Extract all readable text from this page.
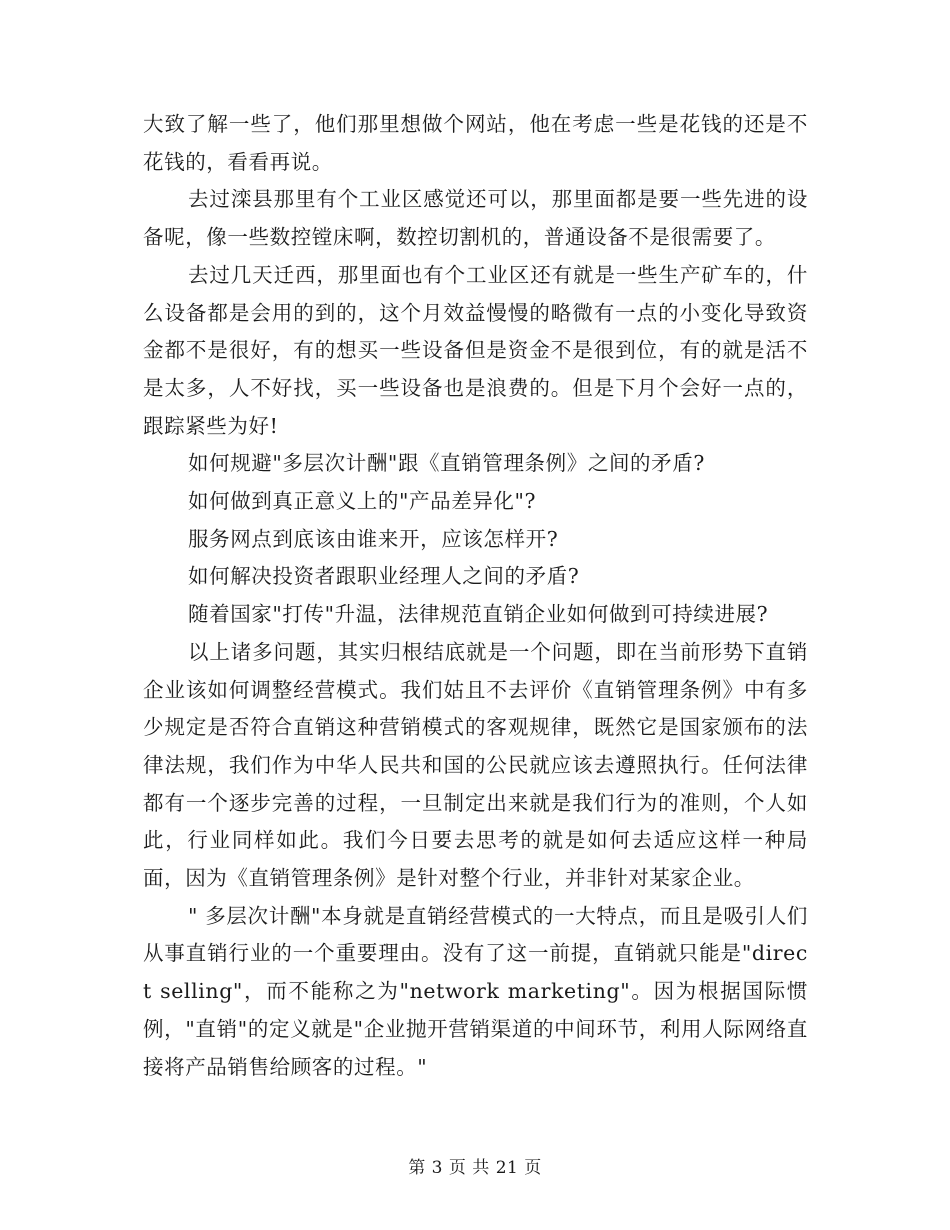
大致了解一些了，他们那里想做个网站，他在考虑一些是花钱的还是不花钱的，看看再说。

去过滦县那里有个工业区感觉还可以，那里面都是要一些先进的设备呢，像一些数控镗床啊，数控切割机的，普通设备不是很需要了。

去过几天迁西，那里面也有个工业区还有就是一些生产矿车的，什么设备都是会用的到的，这个月效益慢慢的略微有一点的小变化导致资金都不是很好，有的想买一些设备但是资金不是很到位，有的就是活不是太多，人不好找，买一些设备也是浪费的。但是下月个会好一点的，跟踪紧些为好!

如何规避"多层次计酬"跟《直销管理条例》之间的矛盾?

如何做到真正意义上的"产品差异化"?

服务网点到底该由谁来开，应该怎样开?

如何解决投资者跟职业经理人之间的矛盾?

随着国家"打传"升温，法律规范直销企业如何做到可持续进展?

以上诸多问题，其实归根结底就是一个问题，即在当前形势下直销企业该如何调整经营模式。我们姑且不去评价《直销管理条例》中有多少规定是否符合直销这种营销模式的客观规律，既然它是国家颁布的法律法规，我们作为中华人民共和国的公民就应该去遵照执行。任何法律都有一个逐步完善的过程，一旦制定出来就是我们行为的准则，个人如此，行业同样如此。我们今日要去思考的就是如何去适应这样一种局面，因为《直销管理条例》是针对整个行业，并非针对某家企业。

" 多层次计酬"本身就是直销经营模式的一大特点，而且是吸引人们从事直销行业的一个重要理由。没有了这一前提，直销就只能是"direct selling"，而不能称之为"network marketing"。因为根据国际惯例，"直销"的定义就是"企业抛开营销渠道的中间环节，利用人际网络直接将产品销售给顾客的过程。"

第 3 页 共 21 页
